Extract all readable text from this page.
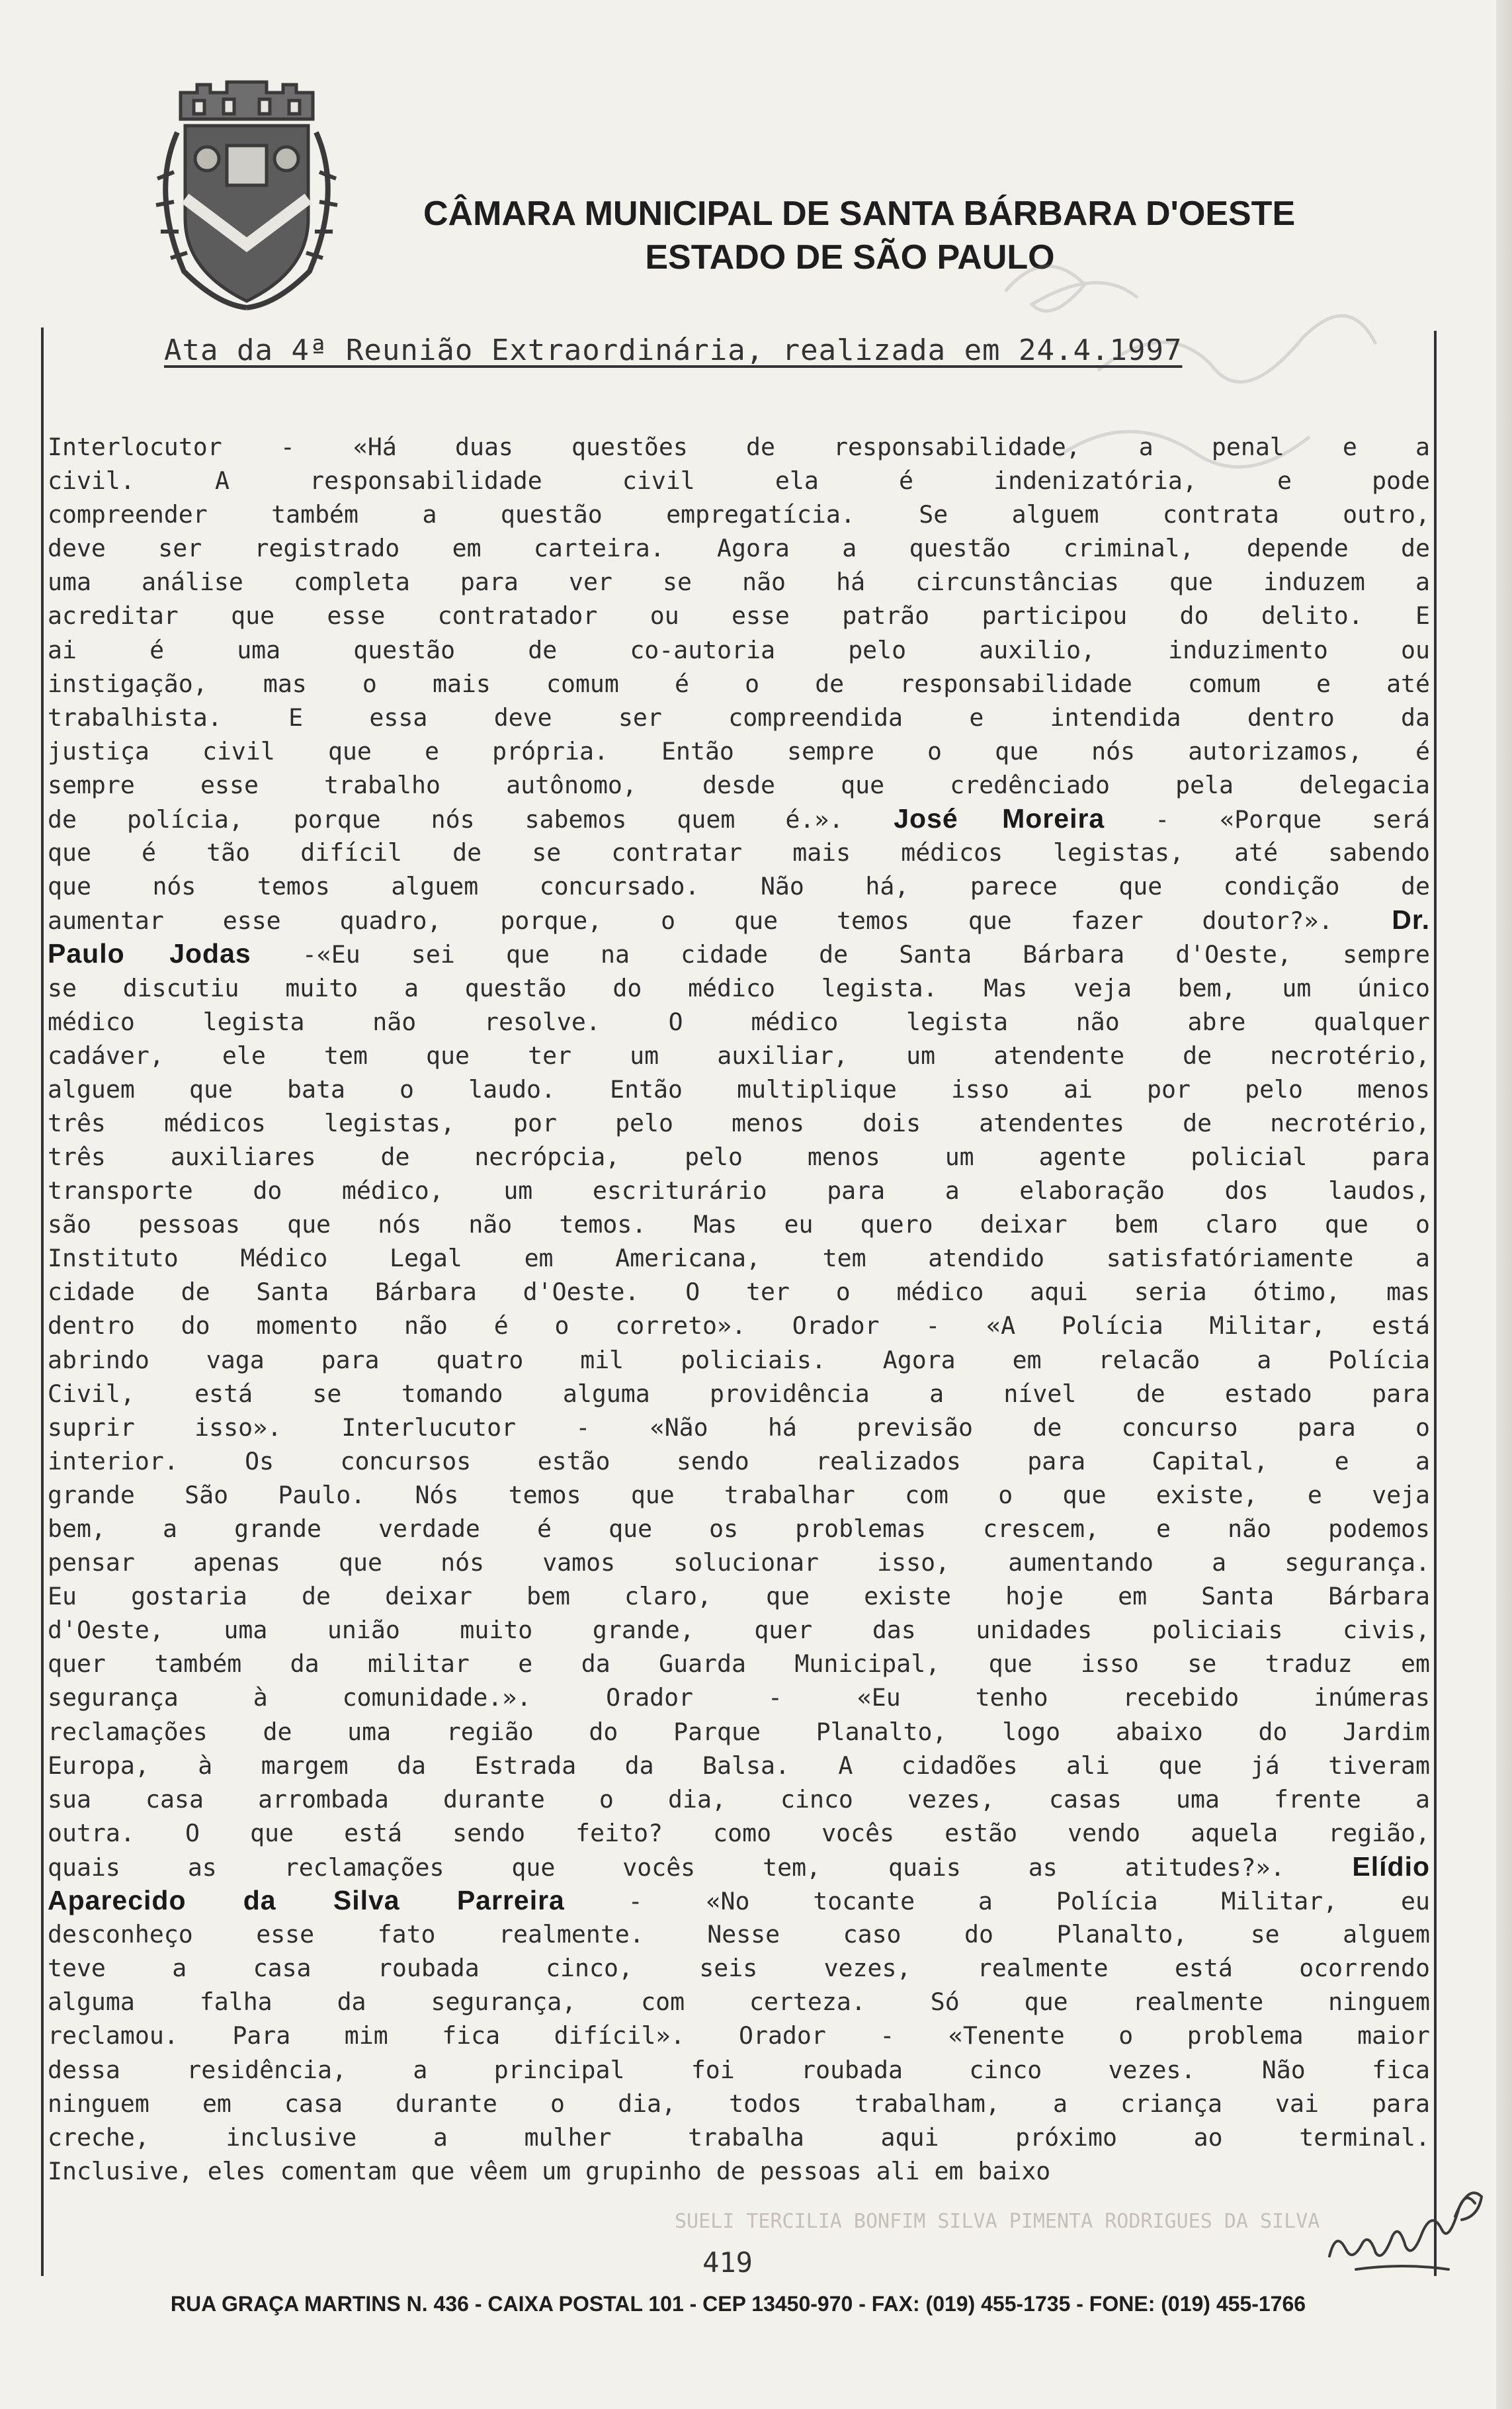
CÂMARA MUNICIPAL DE SANTA BÁRBARA D'OESTE
ESTADO DE SÃO PAULO
Ata da 4ª Reunião Extraordinária, realizada em 24.4.1997
Interlocutor - «Há duas questões de responsabilidade, a penal e a
civil. A responsabilidade civil ela é indenizatória, e pode
compreender também a questão empregatícia. Se alguem contrata outro,
deve ser registrado em carteira. Agora a questão criminal, depende de
uma análise completa para ver se não há circunstâncias que induzem a
acreditar que esse contratador ou esse patrão participou do delito. E
ai é uma questão de co-autoria pelo auxilio, induzimento ou
instigação, mas o mais comum é o de responsabilidade comum e até
trabalhista. E essa deve ser compreendida e intendida dentro da
justiça civil que e própria. Então sempre o que nós autorizamos, é
sempre esse trabalho autônomo, desde que credênciado pela delegacia
de polícia, porque nós sabemos quem é.». José Moreira - «Porque será
que é tão difícil de se contratar mais médicos legistas, até sabendo
que nós temos alguem concursado. Não há, parece que condição de
aumentar esse quadro, porque, o que temos que fazer doutor?». Dr.
Paulo Jodas -«Eu sei que na cidade de Santa Bárbara d'Oeste, sempre
se discutiu muito a questão do médico legista. Mas veja bem, um único
médico legista não resolve. O médico legista não abre qualquer
cadáver, ele tem que ter um auxiliar, um atendente de necrotério,
alguem que bata o laudo. Então multiplique isso ai por pelo menos
três médicos legistas, por pelo menos dois atendentes de necrotério,
três auxiliares de necrópcia, pelo menos um agente policial para
transporte do médico, um escriturário para a elaboração dos laudos,
são pessoas que nós não temos. Mas eu quero deixar bem claro que o
Instituto Médico Legal em Americana, tem atendido satisfatóriamente a
cidade de Santa Bárbara d'Oeste. O ter o médico aqui seria ótimo, mas
dentro do momento não é o correto». Orador - «A Polícia Militar, está
abrindo vaga para quatro mil policiais. Agora em relacão a Polícia
Civil, está se tomando alguma providência a nível de estado para
suprir isso». Interlucutor - «Não há previsão de concurso para o
interior. Os concursos estão sendo realizados para Capital, e a
grande São Paulo. Nós temos que trabalhar com o que existe, e veja
bem, a grande verdade é que os problemas crescem, e não podemos
pensar apenas que nós vamos solucionar isso, aumentando a segurança.
Eu gostaria de deixar bem claro, que existe hoje em Santa Bárbara
d'Oeste, uma união muito grande, quer das unidades policiais civis,
quer também da militar e da Guarda Municipal, que isso se traduz em
segurança à comunidade.». Orador - «Eu tenho recebido inúmeras
reclamações de uma região do Parque Planalto, logo abaixo do Jardim
Europa, à margem da Estrada da Balsa. A cidadões ali que já tiveram
sua casa arrombada durante o dia, cinco vezes, casas uma frente a
outra. O que está sendo feito? como vocês estão vendo aquela região,
quais as reclamações que vocês tem, quais as atitudes?». Elídio
Aparecido da Silva Parreira - «No tocante a Polícia Militar, eu
desconheço esse fato realmente. Nesse caso do Planalto, se alguem
teve a casa roubada cinco, seis vezes, realmente está ocorrendo
alguma falha da segurança, com certeza. Só que realmente ninguem
reclamou. Para mim fica difícil». Orador - «Tenente o problema maior
dessa residência, a principal foi roubada cinco vezes. Não fica
ninguem em casa durante o dia, todos trabalham, a criança vai para
creche, inclusive a mulher trabalha aqui próximo ao terminal.
Inclusive, eles comentam que vêem um grupinho de pessoas ali em baixo
SUELI TERCILIA BONFIM SILVA PIMENTA RODRIGUES DA SILVA
419
RUA GRAÇA MARTINS N. 436 - CAIXA POSTAL 101 - CEP 13450-970 - FAX: (019) 455-1735 - FONE: (019) 455-1766
